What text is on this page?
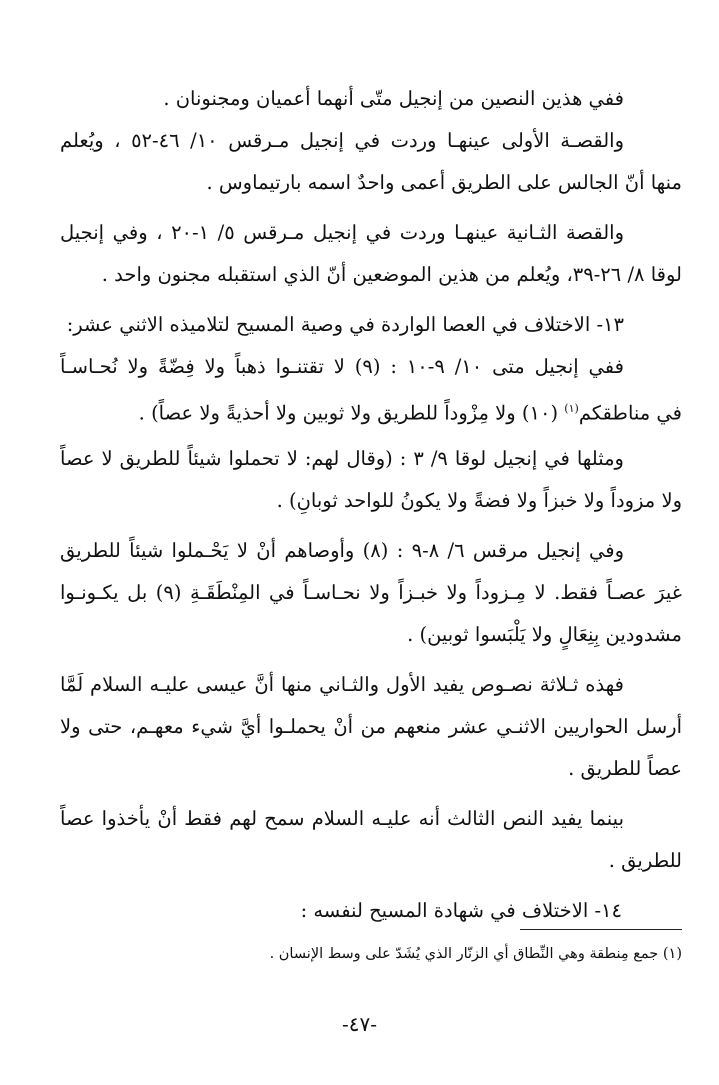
ففي هذين النصين من إنجيل متّى أنهما أعميان ومجنونان .
والقصـة الأولى عينهـا وردت في إنجيل مـرقس ١٠/ ٤٦-٥٢ ، ويُعلم
منها أنّ الجالس على الطريق أعمى واحدٌ اسمه بارتيماوس .
والقصة الثـانية عينهـا وردت في إنجيل مـرقس ٥/ ١-٢٠ ، وفي إنجيل
لوقا ٨/ ٢٦-٣٩، ويُعلم من هذين الموضعين أنّ الذي استقبله مجنون واحد .
١٣- الاختلاف في العصا الواردة في وصية المسيح لتلاميذه الاثني عشر:
ففي إنجيل متى ١٠/ ٩-١٠ : (٩) لا تقتنـوا ذهباً ولا فِضّةً ولا نُحـاسـاً
في مناطقكم$^{(١)}$ (١٠) ولا مِزْوداً للطريق ولا ثوبين ولا أحذيةً ولا عصاً) .
ومثلها في إنجيل لوقا ٩/ ٣ : (وقال لهم: لا تحملوا شيئاً للطريق لا عصاً
ولا مزوداً ولا خبزاً ولا فضةً ولا يكونُ للواحد ثوبانِ) .
وفي إنجيل مرقس ٦/ ٨-٩ : (٨) وأوصاهم أنْ لا يَحْـملوا شيئاً للطريق
غيرَ عصـاً فقط. لا مِـزوداً ولا خبـزاً ولا نحـاسـاً في المِنْطَقَـةِ (٩) بل يكـونـوا
مشدودين بِنِعَالٍ ولا يَلْبَسوا ثوبين) .
فهذه ثـلاثة نصـوص يفيد الأول والثـاني منها أنَّ عيسى عليـه السلام لَمَّا
أرسل الحواريين الاثنـي عشر منعهم من أنْ يحملـوا أيَّ شيء معهـم، حتى ولا
عصاً للطريق .
بينما يفيد النص الثالث أنه عليـه السلام سمح لهم فقط أنْ يأخذوا عصاً
للطريق .
١٤- الاختلاف في شهادة المسيح لنفسه :
(١) جمع مِنطقة وهي النِّطاق أي الزنّار الذي يُشَدّ على وسط الإنسان .
-٤٧-
